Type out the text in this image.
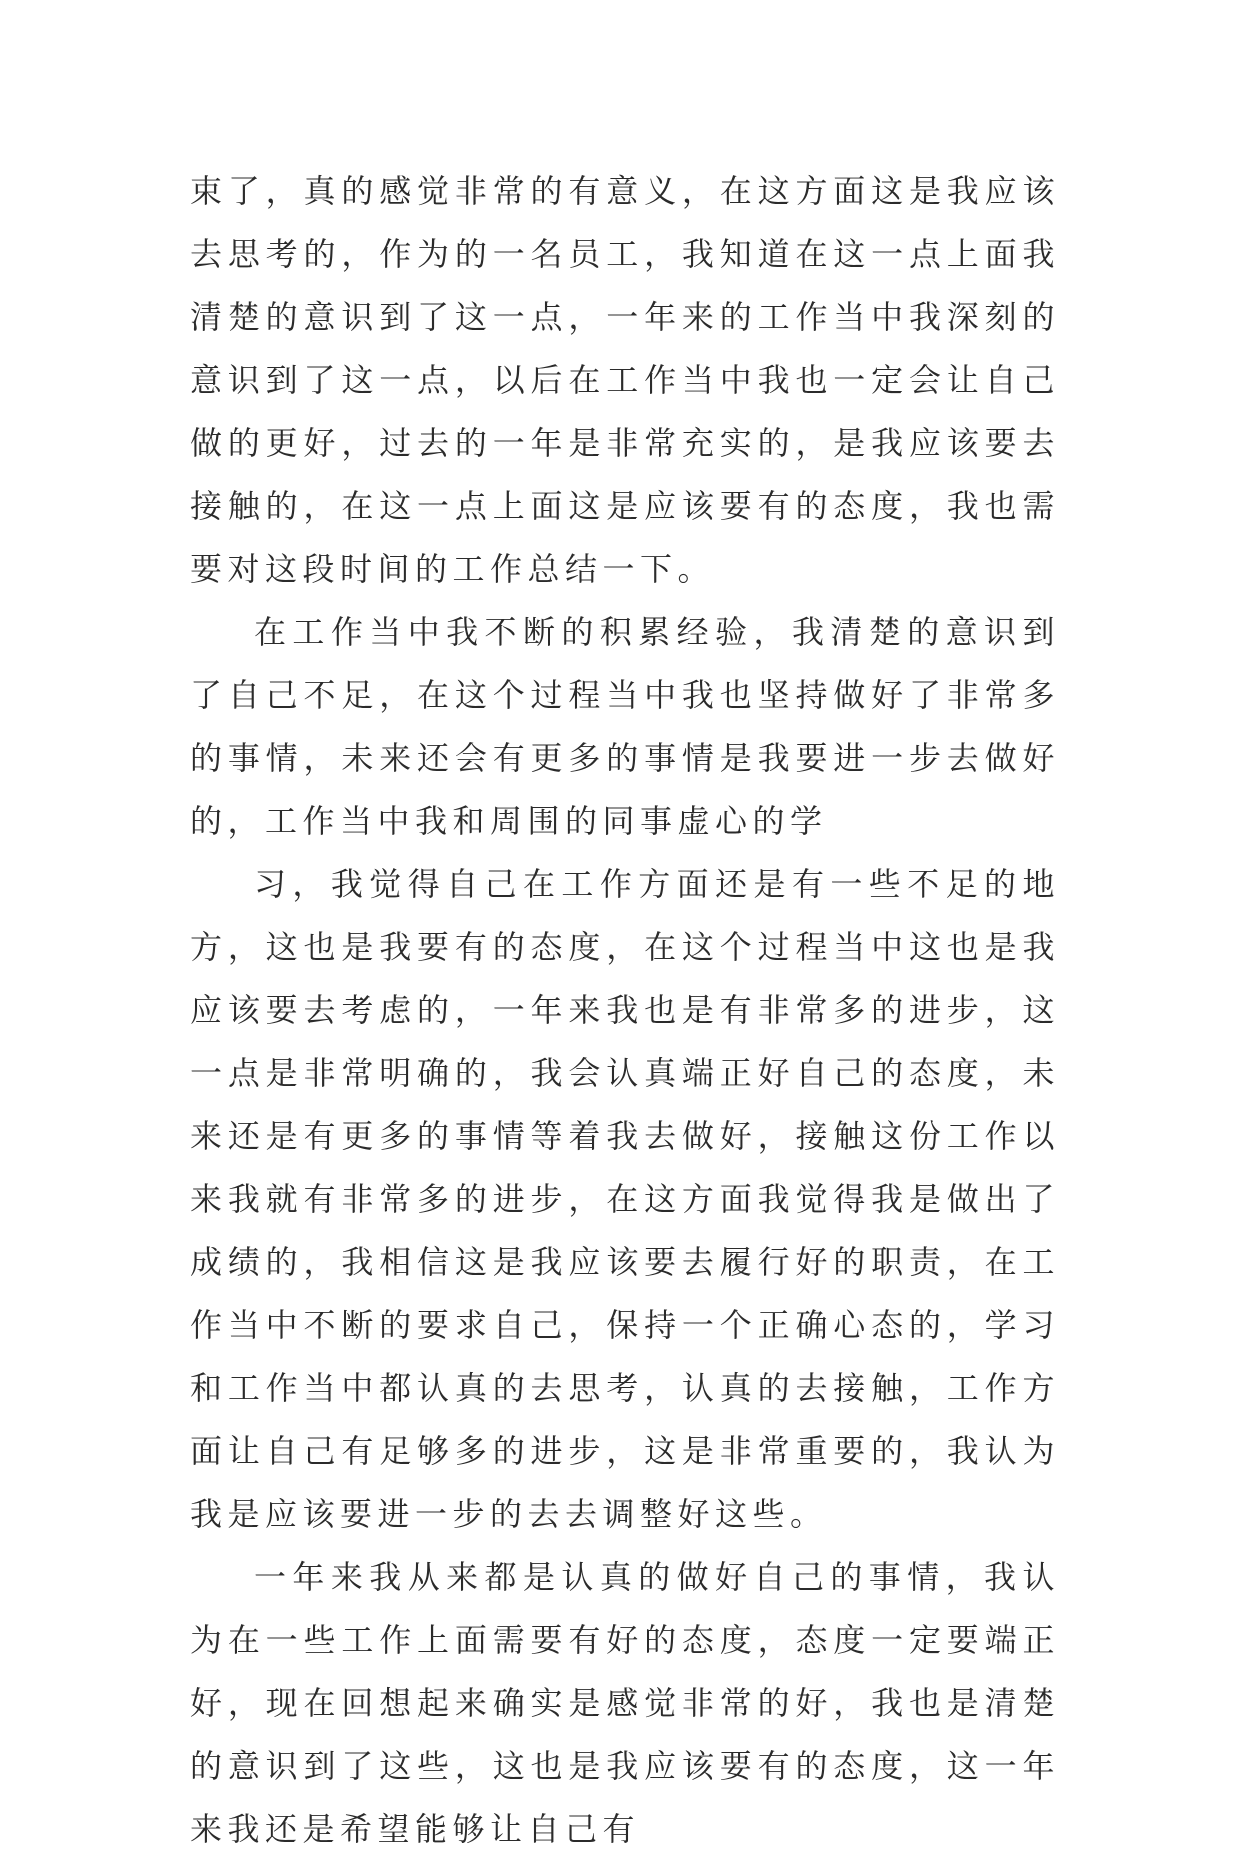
束了，真的感觉非常的有意义，在这方面这是我应该去思考的，作为的一名员工，我知道在这一点上面我清楚的意识到了这一点，一年来的工作当中我深刻的意识到了这一点，以后在工作当中我也一定会让自己做的更好，过去的一年是非常充实的，是我应该要去接触的，在这一点上面这是应该要有的态度，我也需要对这段时间的工作总结一下。

在工作当中我不断的积累经验，我清楚的意识到了自己不足，在这个过程当中我也坚持做好了非常多的事情，未来还会有更多的事情是我要进一步去做好的，工作当中我和周围的同事虚心的学

习，我觉得自己在工作方面还是有一些不足的地方，这也是我要有的态度，在这个过程当中这也是我应该要去考虑的，一年来我也是有非常多的进步，这一点是非常明确的，我会认真端正好自己的态度，未来还是有更多的事情等着我去做好，接触这份工作以来我就有非常多的进步，在这方面我觉得我是做出了成绩的，我相信这是我应该要去履行好的职责，在工作当中不断的要求自己，保持一个正确心态的，学习和工作当中都认真的去思考，认真的去接触，工作方面让自己有足够多的进步，这是非常重要的，我认为我是应该要进一步的去去调整好这些。

一年来我从来都是认真的做好自己的事情，我认为在一些工作上面需要有好的态度，态度一定要端正好，现在回想起来确实是感觉非常的好，我也是清楚的意识到了这些，这也是我应该要有的态度，这一年来我还是希望能够让自己有
